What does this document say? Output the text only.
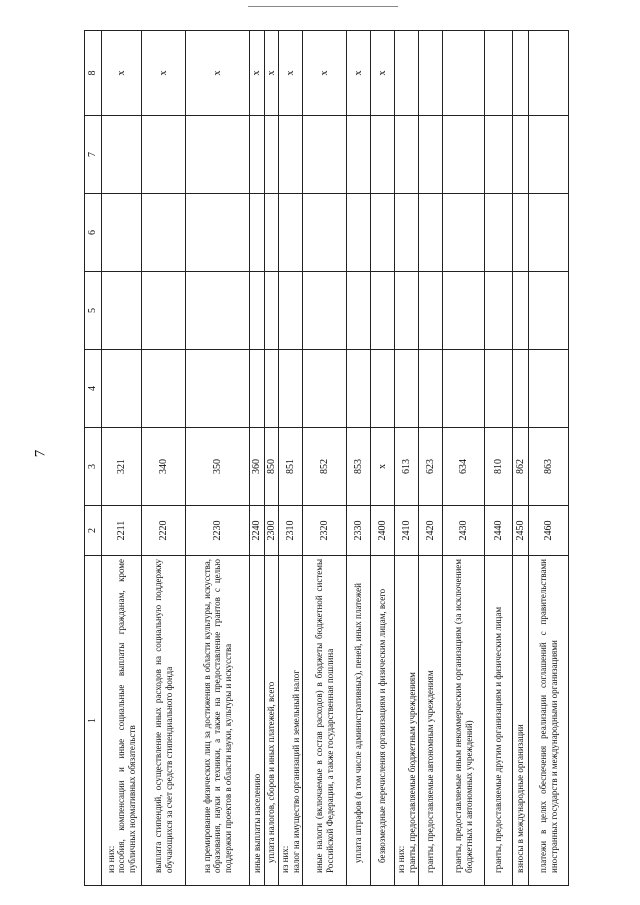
7
1	2	3	4	5	6	7	8
из них:
пособия, компенсации и иные социальные выплаты гражданам, кроме публичных нормативных обязательств	2211	321					x
выплата стипендий, осуществление иных расходов на социальную поддержку обучающихся за счет средств стипендиального фонда	2220	340					x
на премирование физических лиц за достижения в области культуры, искусства, образования, науки и техники, а также на предоставление грантов с целью поддержки проектов в области науки, культуры и искусства	2230	350					x
иные выплаты населению	2240	360					x
уплата налогов, сборов и иных платежей, всего	2300	850					x
из них:
налог на имущество организаций и земельный налог	2310	851					x
иные налоги (включаемые в состав расходов) в бюджеты бюджетной системы Российской Федерации, а также государственная пошлина	2320	852					x
уплата штрафов (в том числе административных), пеней, иных платежей	2330	853					x
безвозмездные перечисления организациям и физическим лицам, всего	2400	x					x
из них:
гранты, предоставляемые бюджетным учреждениям	2410	613					
гранты, предоставляемые автономным учреждениям	2420	623					
гранты, предоставляемые иным некоммерческим организациям (за исключением бюджетных и автономных учреждений)	2430	634					
гранты, предоставляемые другим организациям и физическим лицам	2440	810					
взносы в международные организации	2450	862					
платежи в целях обеспечения реализации соглашений с правительствами иностранных государств и международными организациями	2460	863					
